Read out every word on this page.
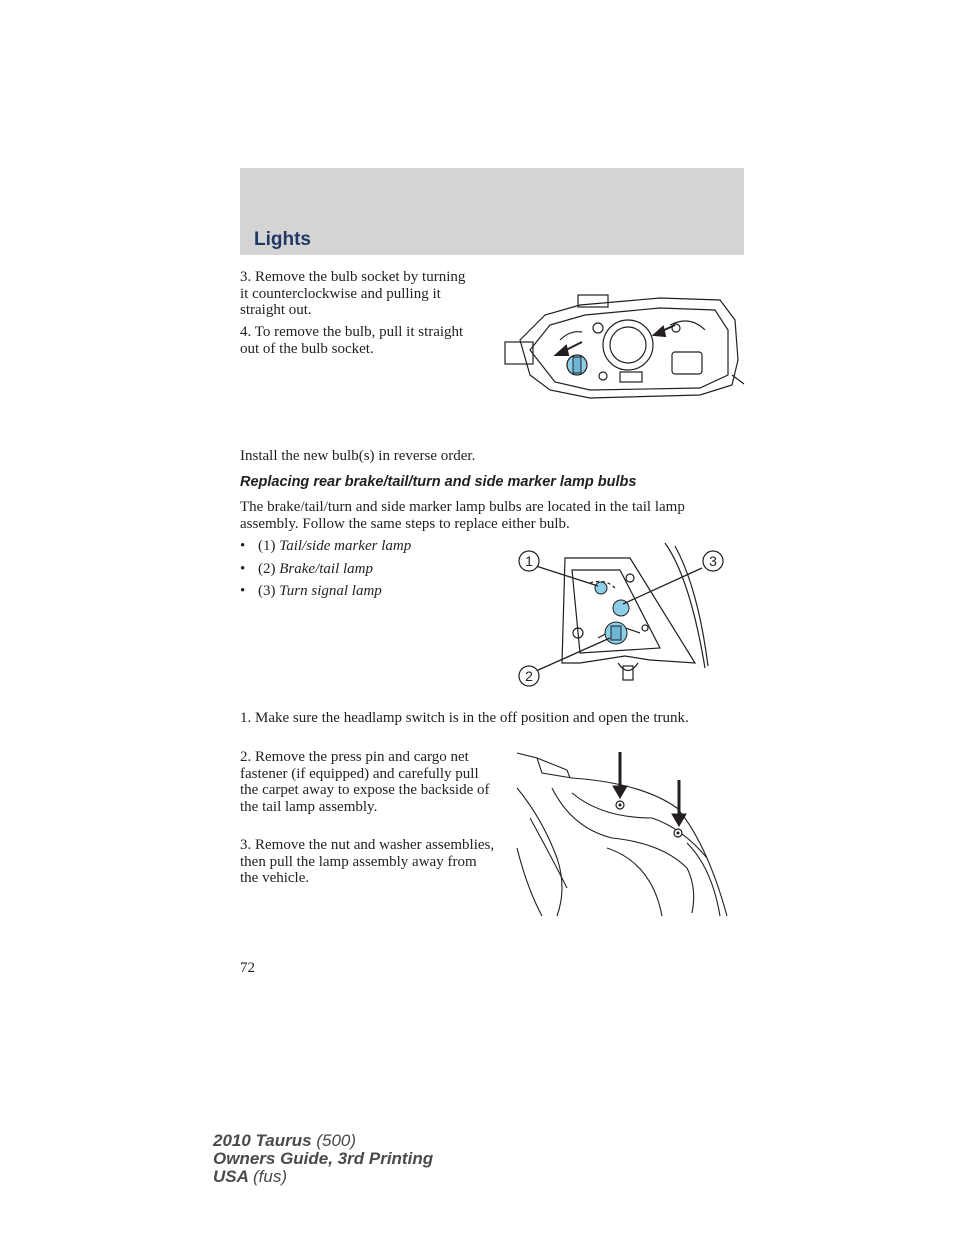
Lights

3. Remove the bulb socket by turning it counterclockwise and pulling it straight out.

4. To remove the bulb, pull it straight out of the bulb socket.

Install the new bulb(s) in reverse order.

Replacing rear brake/tail/turn and side marker lamp bulbs

The brake/tail/turn and side marker lamp bulbs are located in the tail lamp assembly. Follow the same steps to replace either bulb.

• (1) Tail/side marker lamp
• (2) Brake/tail lamp
• (3) Turn signal lamp
1	3
2

1. Make sure the headlamp switch is in the off position and open the trunk.

2. Remove the press pin and cargo net fastener (if equipped) and carefully pull the carpet away to expose the backside of the tail lamp assembly.

3. Remove the nut and washer assemblies, then pull the lamp assembly away from the vehicle.

72
2010 Taurus (500)
Owners Guide, 3rd Printing
USA (fus)
